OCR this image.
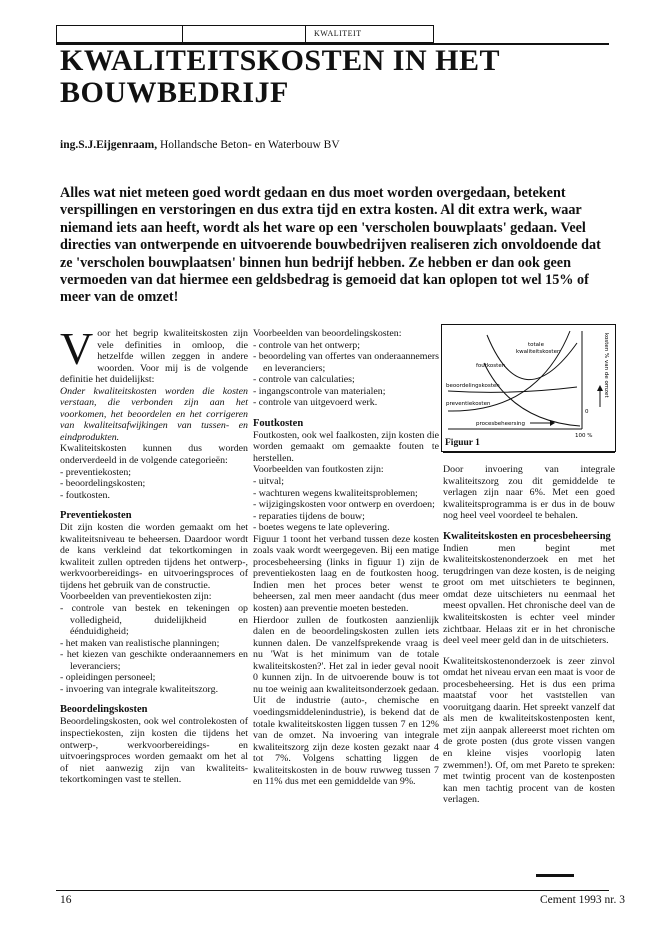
KWALITEIT
KWALITEITSKOSTEN IN HET BOUWBEDRIJF
ing.S.J.Eijgenraam, Hollandsche Beton- en Waterbouw BV

Alles wat niet meteen goed wordt gedaan en dus moet worden overgedaan, betekent verspillingen en verstoringen en dus extra tijd en extra kosten. Al dit extra werk, waar niemand iets aan heeft, wordt als het ware op een 'verscholen bouwplaats' gedaan. Veel directies van ontwerpende en uitvoerende bouwbedrijven realiseren zich onvoldoende dat ze 'verscholen bouwplaatsen' binnen hun bedrijf hebben. Ze hebben er dan ook geen vermoeden van dat hiermee een geldsbedrag is gemoeid dat kan oplopen tot wel 15% of meer van de omzet!

Voor het begrip kwaliteitskosten zijn vele definities in omloop, die hetzelfde willen zeggen in andere woorden. Voor mij is de volgende definitie het duidelijkst:

Onder kwaliteitskosten worden die kosten verstaan, die verbonden zijn aan het voorkomen, het beoordelen en het corrigeren van kwaliteitsafwijkingen van tussen- en eindprodukten.

Kwaliteitskosten kunnen dus worden onderverdeeld in de volgende categorieën:

- preventiekosten;

- beoordelingskosten;

- foutkosten.

Preventiekosten

Dit zijn kosten die worden gemaakt om het kwaliteitsniveau te beheersen. Daardoor wordt de kans verkleind dat tekortkomingen in kwaliteit zullen optreden tijdens het ontwerp-, werkvoorbereidings- en uitvoeringsproces of tijdens het gebruik van de constructie.

Voorbeelden van preventiekosten zijn:

- controle van bestek en tekeningen op volledigheid, duidelijkheid en éénduidigheid;

- het maken van realistische planningen;

- het kiezen van geschikte onderaannemers en leveranciers;

- opleidingen personeel;

- invoering van integrale kwaliteitszorg.

Beoordelingskosten

Beoordelingskosten, ook wel controlekosten of inspectiekosten, zijn kosten die tijdens het ontwerp-, werkvoorbereidings- en uitvoeringsproces worden gemaakt om het al of niet aanwezig zijn van kwaliteits-tekortkomingen vast te stellen.

Voorbeelden van beoordelingskosten:

- controle van het ontwerp;

- beoordeling van offertes van onderaannemers en leveranciers;

- controle van calculaties;

- ingangscontrole van materialen;

- controle van uitgevoerd werk.

Foutkosten

Foutkosten, ook wel faalkosten, zijn kosten die worden gemaakt om gemaakte fouten te herstellen.

Voorbeelden van foutkosten zijn:

- uitval;

- wachturen wegens kwaliteitsproblemen;

- wijzigingskosten voor ontwerp en overdoen;

- reparaties tijdens de bouw;

- boetes wegens te late oplevering.

Figuur 1 toont het verband tussen deze kosten zoals vaak wordt weergegeven. Bij een matige procesbeheersing (links in figuur 1) zijn de preventiekosten laag en de foutkosten hoog. Indien men het proces beter wenst te beheersen, zal men meer aandacht (dus meer kosten) aan preventie moeten besteden.

Hierdoor zullen de foutkosten aanzienlijk dalen en de beoordelingskosten zullen iets kunnen dalen. De vanzelfsprekende vraag is nu 'Wat is het minimum van de totale kwaliteitskosten?'. Het zal in ieder geval nooit 0 kunnen zijn. In de uitvoerende bouw is tot nu toe weinig aan kwaliteitsonderzoek gedaan. Uit de industrie (auto-, chemische en voedingsmiddelenindustrie), is bekend dat de totale kwaliteitskosten liggen tussen 7 en 12% van de omzet. Na invoering van integrale kwaliteitszorg zijn deze kosten gezakt naar 4 tot 7%. Volgens schatting liggen de kwaliteitskosten in de bouw ruwweg tussen 7 en 11% dus met een gemiddelde van 9%.

totale
kwaliteitskosten
foutkosten
beoordelingskosten
preventiekosten
procesbeheersing
0
100 %
kosten % van de omzet
Figuur 1

Door invoering van integrale kwaliteitszorg zou dit gemiddelde te verlagen zijn naar 6%. Met een goed kwaliteitsprogramma is er dus in de bouw nog heel veel voordeel te behalen.

Kwaliteitskosten en procesbeheersing

Indien men begint met kwaliteitskostenonderzoek en met het terugdringen van deze kosten, is de neiging groot om met uitschieters te beginnen, omdat deze uitschieters nu eenmaal het meest opvallen. Het chronische deel van de kwaliteitskosten is echter veel minder zichtbaar. Helaas zit er in het chronische deel veel meer geld dan in de uitschieters.

Kwaliteitskostenonderzoek is zeer zinvol omdat het niveau ervan een maat is voor de procesbeheersing. Het is dus een prima maatstaf voor het vaststellen van vooruitgang daarin. Het spreekt vanzelf dat als men de kwaliteitskostenposten kent, met zijn aanpak allereerst moet richten om de grote posten (dus grote vissen vangen en kleine visjes voorlopig laten zwemmen!). Of, om met Pareto te spreken: met twintig procent van de kostenposten kan men tachtig procent van de kosten verlagen.

16	Cement 1993 nr. 3
